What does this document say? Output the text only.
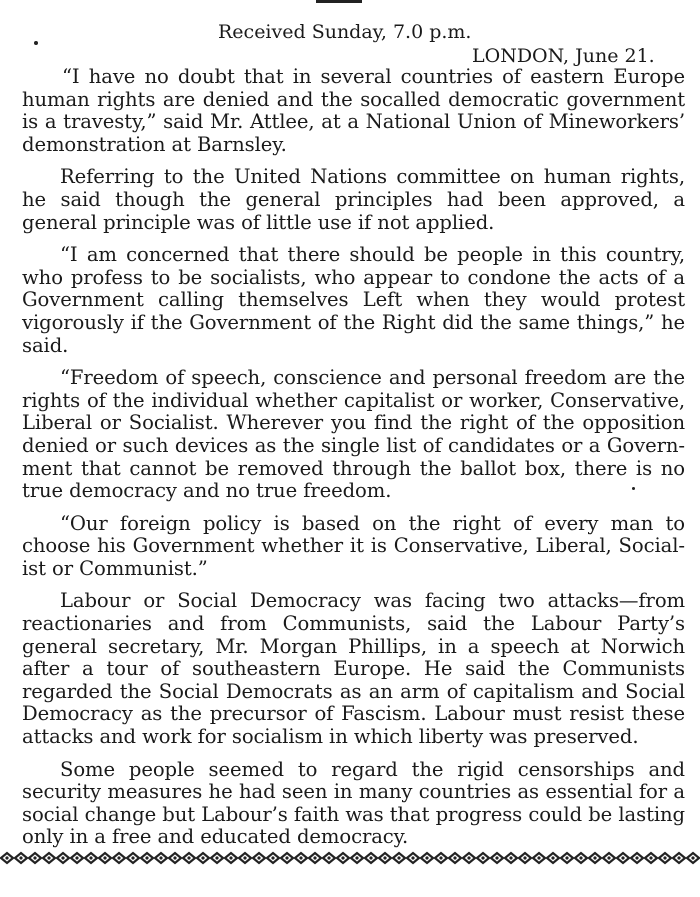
Received Sunday, 7.0 p.m.
LONDON, June 21.

“I have no doubt that in several countries of eastern Europe human rights are denied and the socalled democratic government is a travesty,” said Mr. Attlee, at a National Union of Mineworkers’ demonstration at Barnsley.

Referring to the United Nations committee on human rights, he said though the general principles had been approved, a general principle was of little use if not applied.

“I am concerned that there should be people in this country, who profess to be socialists, who appear to condone the acts of a Government calling themselves Left when they would protest vigorously if the Government of the Right did the same things,” he said.

“Freedom of speech, conscience and personal freedom are the rights of the individual whether capitalist or worker, Conservative, Liberal or Socialist. Wherever you find the right of the opposition denied or such devices as the single list of candidates or a Government that cannot be removed through the ballot box, there is no true democracy and no true freedom.

“Our foreign policy is based on the right of every man to choose his Government whether it is Conservative, Liberal, Socialist or Communist.”

Labour or Social Democracy was facing two attacks—from reactionaries and from Communists, said the Labour Party’s general secretary, Mr. Morgan Phillips, in a speech at Norwich after a tour of southeastern Europe. He said the Communists regarded the Social Democrats as an arm of capitalism and Social Democracy as the precursor of Fascism. Labour must resist these attacks and work for socialism in which liberty was preserved.

Some people seemed to regard the rigid censorships and security measures he had seen in many countries as essential for a social change but Labour’s faith was that progress could be lasting only in a free and educated democracy.
